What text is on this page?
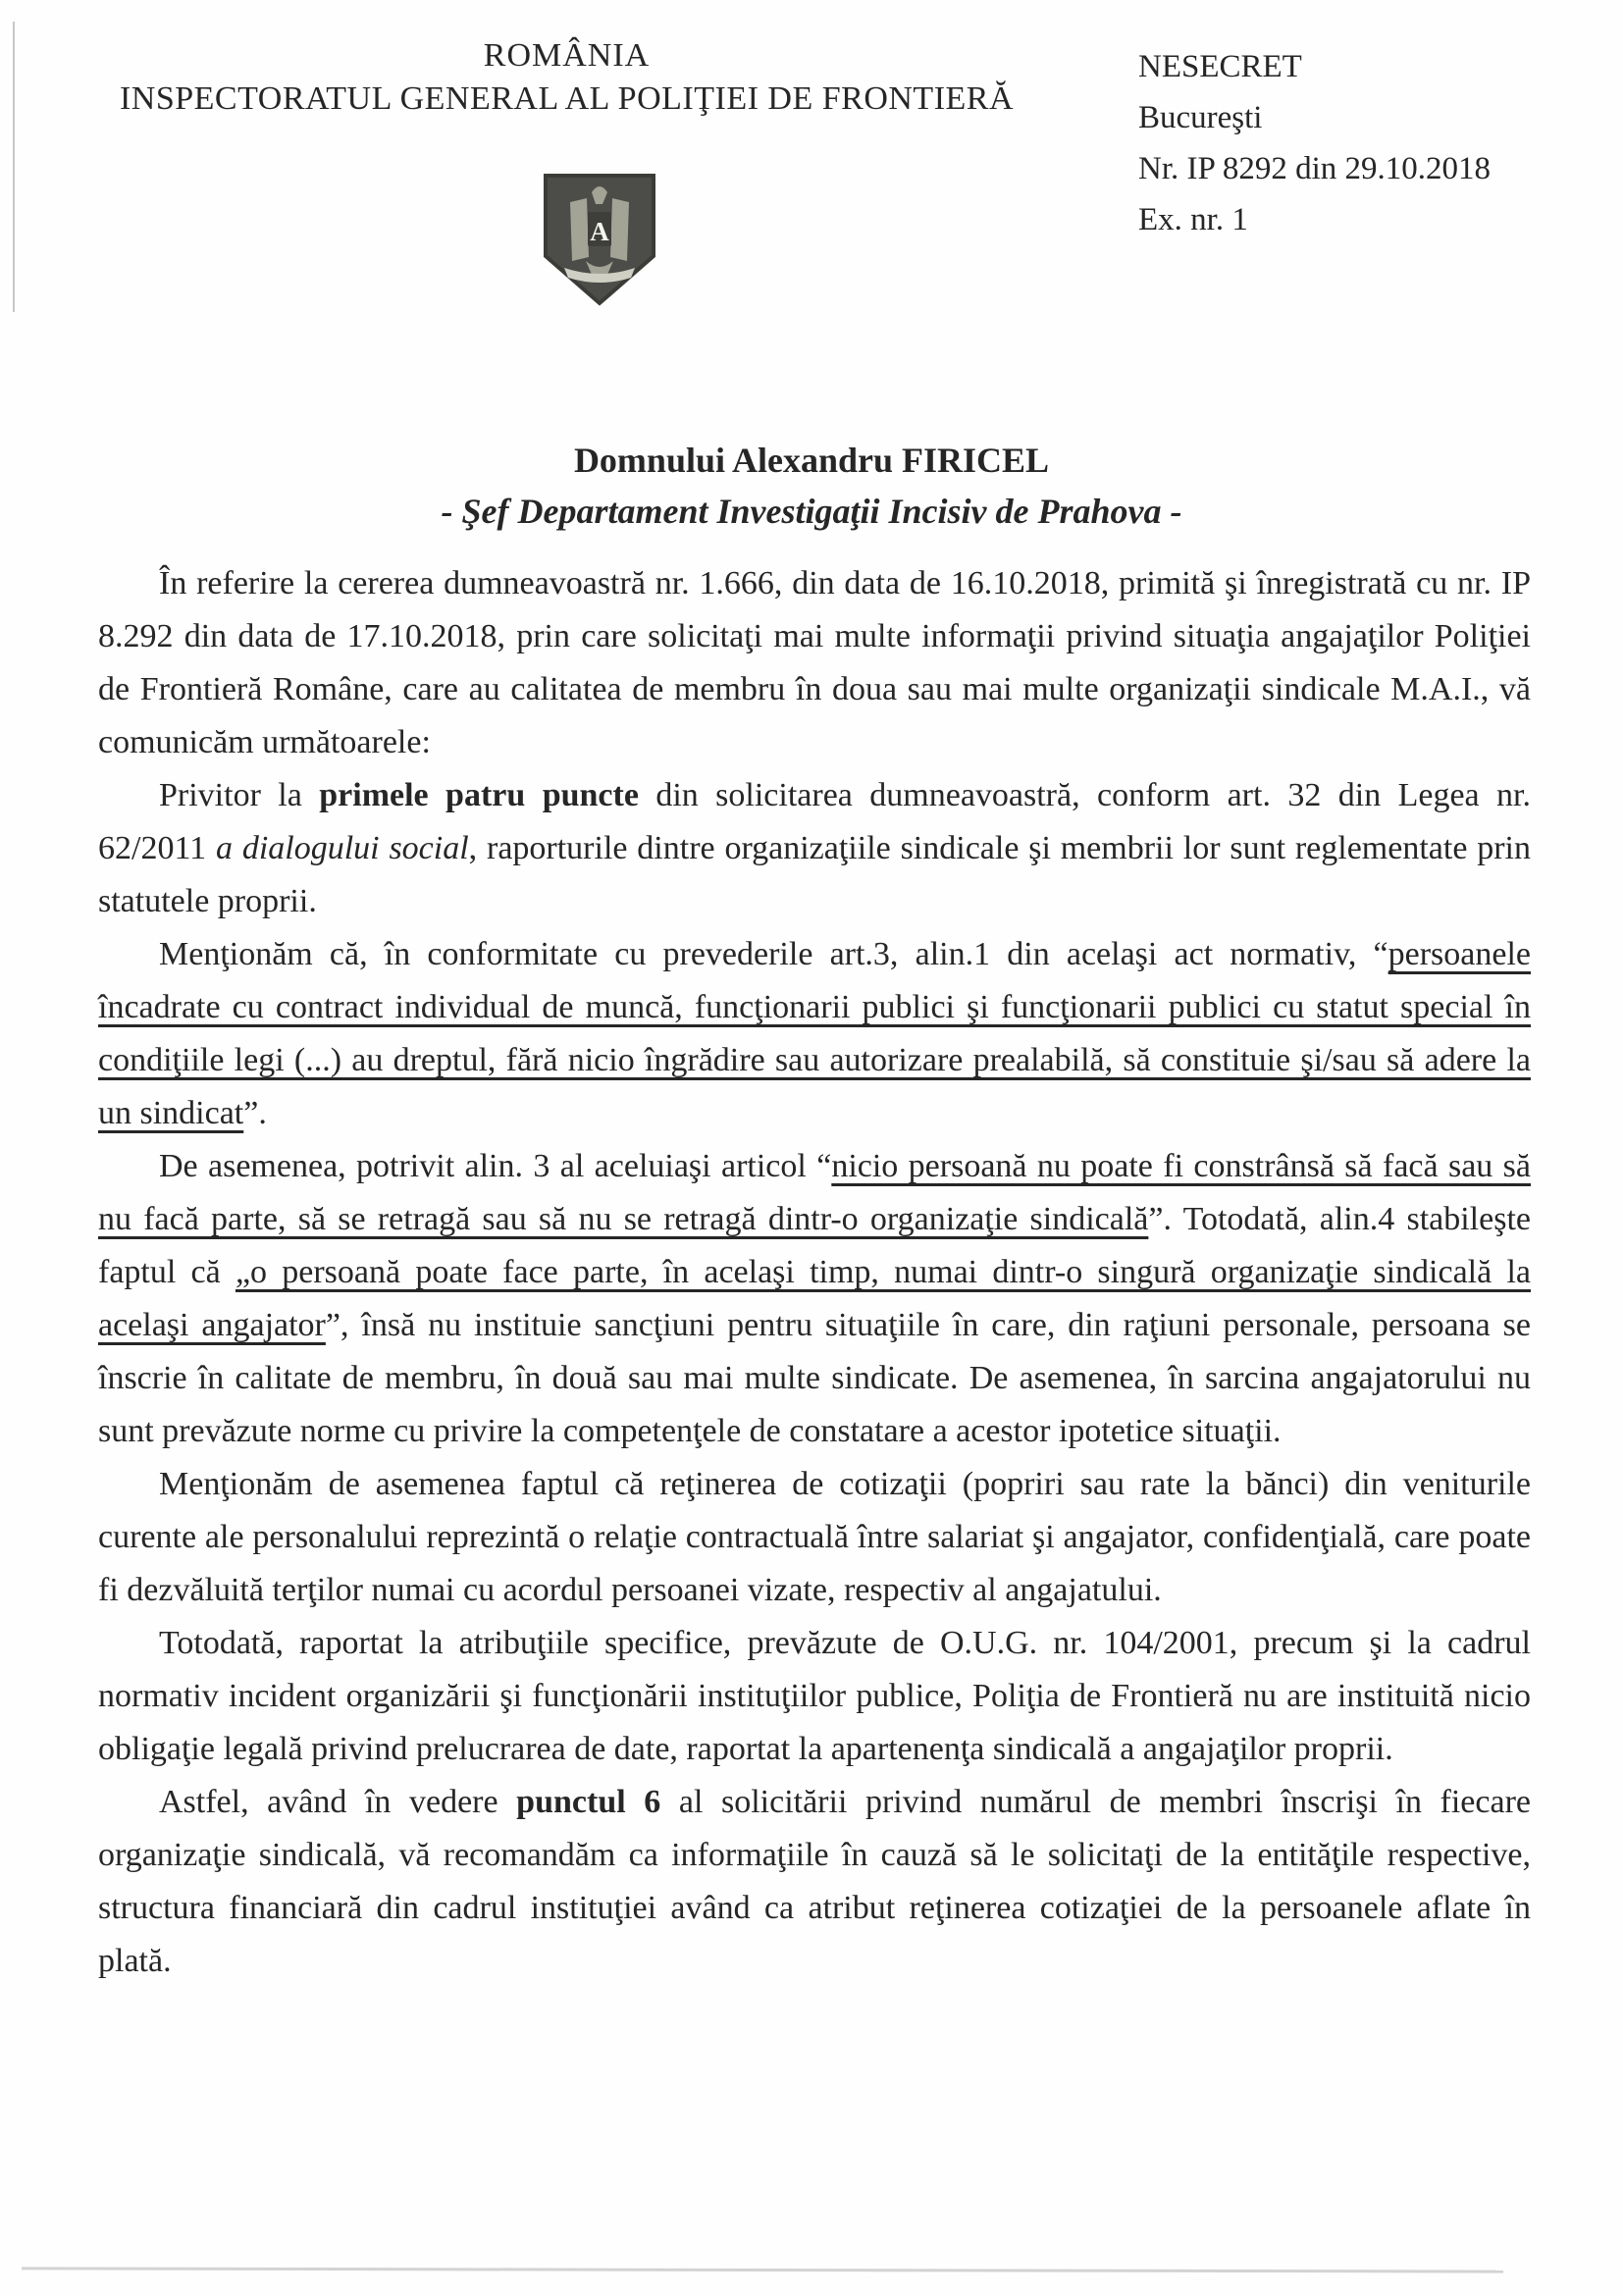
ROMÂNIA
INSPECTORATUL GENERAL AL POLIŢIEI DE FRONTIERĂ
NESECRET
Bucureşti
Nr. IP 8292 din 29.10.2018
Ex. nr. 1
A
Domnului Alexandru FIRICEL
- Şef Departament Investigaţii Incisiv de Prahova -

În referire la cererea dumneavoastră nr. 1.666, din data de 16.10.2018, primită şi înregistrată cu nr. IP 8.292 din data de 17.10.2018, prin care solicitaţi mai multe informaţii privind situaţia angajaţilor Poliţiei de Frontieră Române, care au calitatea de membru în doua sau mai multe organizaţii sindicale M.A.I., vă comunicăm următoarele:

Privitor la primele patru puncte din solicitarea dumneavoastră, conform art. 32 din Legea nr. 62/2011 a dialogului social, raporturile dintre organizaţiile sindicale şi membrii lor sunt reglementate prin statutele proprii.

Menţionăm că, în conformitate cu prevederile art.3, alin.1 din acelaşi act normativ, “persoanele încadrate cu contract individual de muncă, funcţionarii publici şi funcţionarii publici cu statut special în condiţiile legi (...) au dreptul, fără nicio îngrădire sau autorizare prealabilă, să constituie şi/sau să adere la un sindicat”.

De asemenea, potrivit alin. 3 al aceluiaşi articol “nicio persoană nu poate fi constrânsă să facă sau să nu facă parte, să se retragă sau să nu se retragă dintr-o organizaţie sindicală”. Totodată, alin.4 stabileşte faptul că „o persoană poate face parte, în acelaşi timp, numai dintr-o singură organizaţie sindicală la acelaşi angajator”, însă nu instituie sancţiuni pentru situaţiile în care, din raţiuni personale, persoana se înscrie în calitate de membru, în două sau mai multe sindicate. De asemenea, în sarcina angajatorului nu sunt prevăzute norme cu privire la competenţele de constatare a acestor ipotetice situaţii.

Menţionăm de asemenea faptul că reţinerea de cotizaţii (popriri sau rate la bănci) din veniturile curente ale personalului reprezintă o relaţie contractuală între salariat şi angajator, confidenţială, care poate fi dezvăluită terţilor numai cu acordul persoanei vizate, respectiv al angajatului.

Totodată, raportat la atribuţiile specifice, prevăzute de O.U.G. nr. 104/2001, precum şi la cadrul normativ incident organizării şi funcţionării instituţiilor publice, Poliţia de Frontieră nu are instituită nicio obligaţie legală privind prelucrarea de date, raportat la apartenenţa sindicală a angajaţilor proprii.

Astfel, având în vedere punctul 6 al solicitării privind numărul de membri înscrişi în fiecare organizaţie sindicală, vă recomandăm ca informaţiile în cauză să le solicitaţi de la entităţile respective, structura financiară din cadrul instituţiei având ca atribut reţinerea cotizaţiei de la persoanele aflate în plată.
